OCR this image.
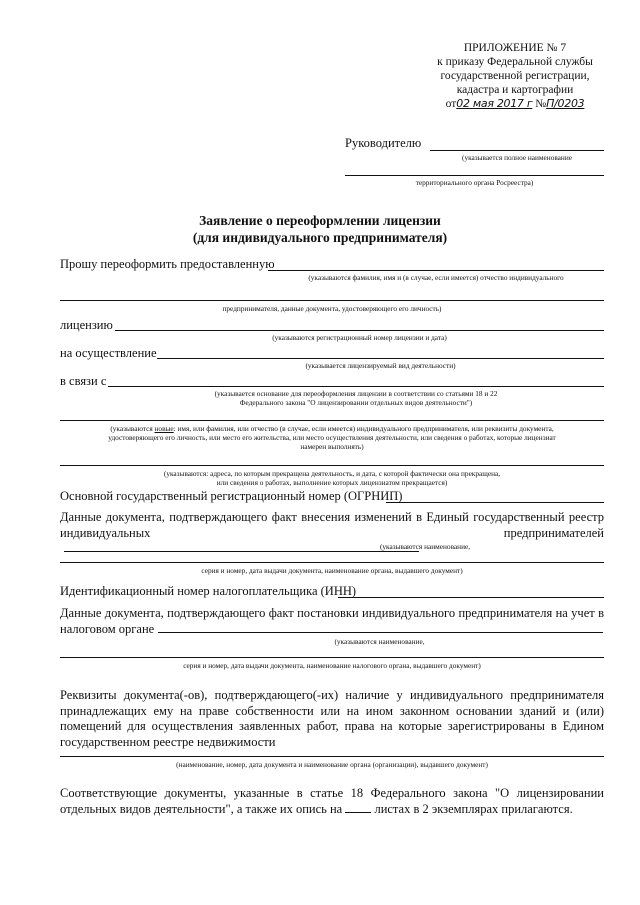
ПРИЛОЖЕНИЕ № 7
к приказу Федеральной службы
государственной регистрации,
кадастра и картографии
от02 мая 2017 г №П/0203
Руководителю
(указывается полное наименование
территориального органа Росреестра)
Заявление о переоформлении лицензии
(для индивидуального предпринимателя)
Прошу переоформить предоставленную
(указываются фамилия, имя и (в случае, если имеется) отчество индивидуального
предпринимателя, данные документа, удостоверяющего его личность)
лицензию
(указываются регистрационный номер лицензии и дата)
на осуществление
(указывается лицензируемый вид деятельности)
в связи с
(указывается основание для переоформления лицензии в соответствии со статьями 18 и 22
Федерального закона "О лицензировании отдельных видов деятельности")
(указываются новые: имя, или фамилия, или отчество (в случае, если имеется) индивидуального предпринимателя, или реквизиты документа,
удостоверяющего его личность, или место его жительства, или место осуществления деятельности, или сведения о работах, которые лицензиат
намерен выполнять)
(указываются: адреса, по которым прекращена деятельность, и дата, с которой фактически она прекращена,
или сведения о работах, выполнение которых лицензиатом прекращается)
Основной государственный регистрационный номер (ОГРНИП)
Данные документа, подтверждающего факт внесения изменений в Единый государственный реестр индивидуальных предпринимателей
(указываются наименование,
серия и номер, дата выдачи документа, наименование органа, выдавшего документ)
Идентификационный номер налогоплательщика (ИНН)
Данные документа, подтверждающего факт постановки индивидуального предпринимателя на учет в налоговом органе
(указываются наименование,
серия и номер, дата выдачи документа, наименование налогового органа, выдавшего документ)
Реквизиты документа(-ов), подтверждающего(-их) наличие у индивидуального предпринимателя принадлежащих ему на праве собственности или на ином законном основании зданий и (или) помещений для осуществления заявленных работ, права на которые зарегистрированы в Едином государственном реестре недвижимости
(наименование, номер, дата документа и наименование органа (организации), выдавшего документ)
Соответствующие документы, указанные в статье 18 Федерального закона "О лицензировании отдельных видов деятельности", а также их опись на	листах в 2 экземплярах прилагаются.
